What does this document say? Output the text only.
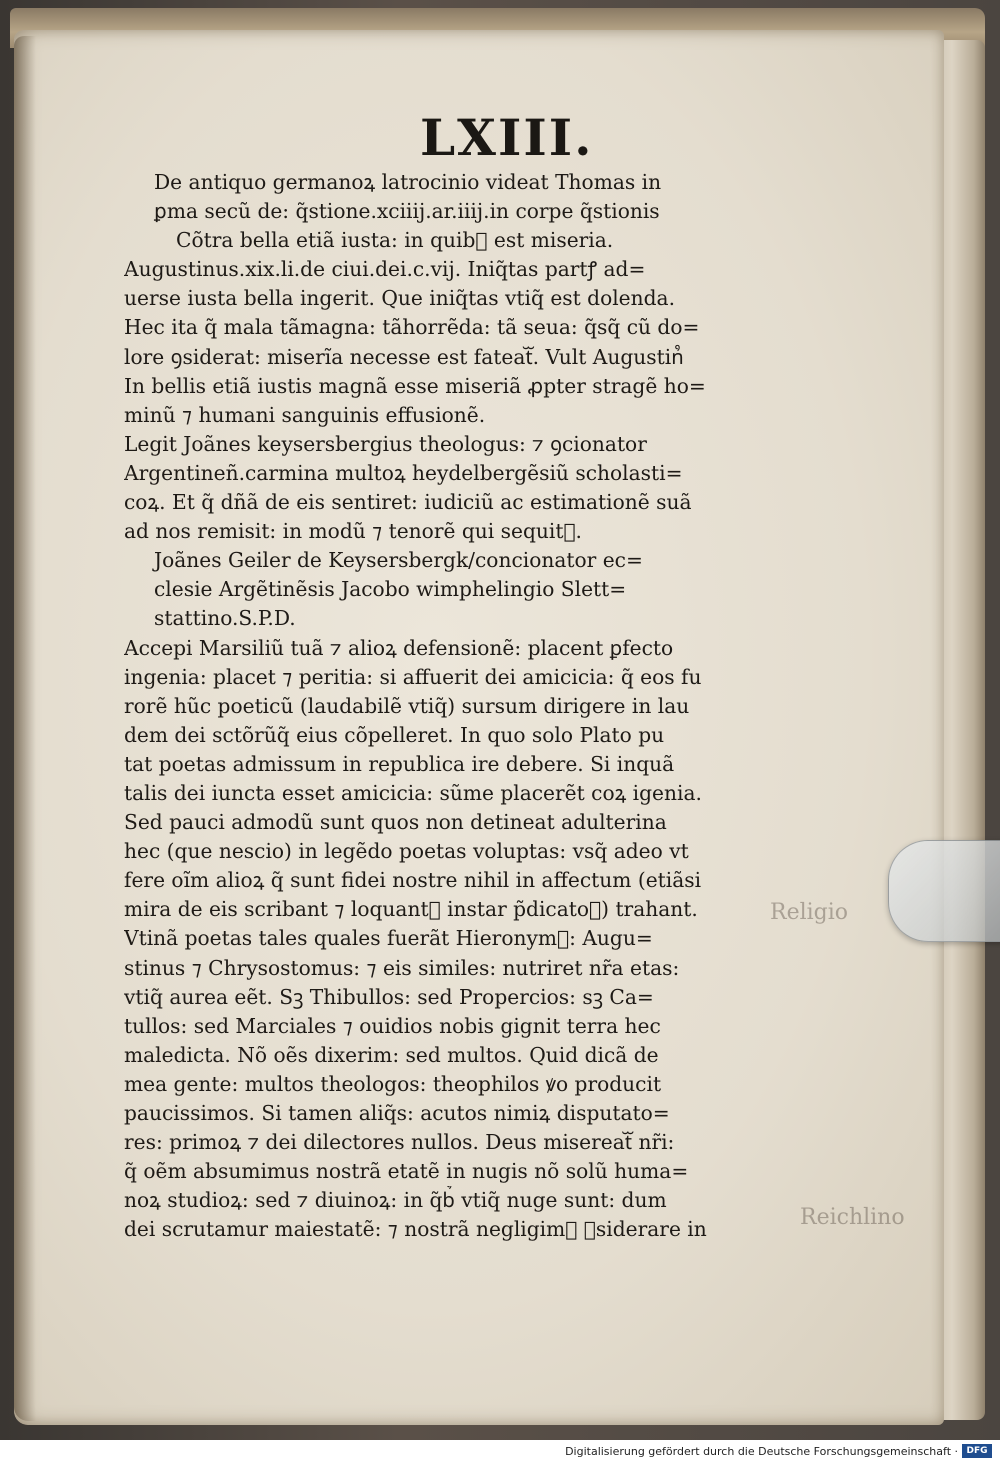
Religio
Reichlino
LXIII.
De antiquo germanoꝝ latrocinio videat Thomas in
ꝑma secũ de: q̃stione.xciiij.ar.iiij.in corpe q̃stionis
Cõtra bella etiã iusta: in quib᷒ est miseria.
Augustinus.xix.li.de ciui.dei.c.vij. Iniq̃tas partꝭ ad=
uerse iusta bella ingerit. Que iniq̃tas vtiq̃ est dolenda.
Hec ita q̃ mala tãmagna: tãhorrẽda: tã seua: q̃sq̃ cũ do=
lore ꝯsiderat: miserĩa necesse est fateatᷓ. Vult Augustin᷒
In bellis etiã iustis magnã esse miseriã ꝓpter stragẽ ho=
minũ ⁊ humani sanguinis effusionẽ.
Legit Joãnes keysersbergius theologus: ⁊ ꝯcionator
Argentineñ.carmina multoꝝ heydelbergẽsiũ scholasti=
coꝝ. Et q̃ dñã de eis sentiret: iudiciũ ac estimationẽ suã
ad nos remisit: in modũ ⁊ tenorẽ qui sequitᷓ.
Joãnes Geiler de Keysersbergk/concionator ec=
clesie Argẽtinẽsis Jacobo wimphelingio Slett=
stattino.S.P.D.
Accepi Marsiliũ tuã ⁊ alioꝝ defensionẽ: placent ꝑfecto
ingenia: placet ⁊ peritia: si affuerit dei amicicia: q̃ eos fu
rorẽ hũc poeticũ (laudabilẽ vtiq̃) sursum dirigere in lau
dem dei sctõrũq̃ eius cõpelleret. In quo solo Plato pu
tat poetas admissum in republica ire debere. Si inquã
talis dei iuncta esset amicicia: sũme placerẽt coꝝ igenia.
Sed pauci admodũ sunt quos non detineat adulterina
hec (que nescio) in legẽdo poetas voluptas: vsq̃ adeo vt
fere oĩm alioꝝ q̃ sunt fidei nostre nihil in affectum (etiãsi
mira de eis scribant ⁊ loquantᷓ instar p̃dicatoꝝ) trahant.
Vtinã poetas tales quales fuerãt Hieronym᷒: Augu=
stinus ⁊ Chrysostomus: ⁊ eis similes: nutriret nr̃a etas:
vtiq̃ aurea eẽt. Sꝫ Thibullos: sed Propercios: sꝫ Ca=
tullos: sed Marciales ⁊ ouidios nobis gignit terra hec
maledicta. Nõ oẽs dixerim: sed multos. Quid dicã de
mea gente: multos theologos: theophilos ꝟo producit
paucissimos. Si tamen aliq̃s: acutos nimiꝝ disputato=
res: primoꝝ ⁊ dei dilectores nullos. Deus misereatᷓ nr̃i:
q̃ oẽm absumimus nostrã etatẽ in nugis nõ solũ huma=
noꝝ studioꝝ: sed ⁊ diuinoꝝ: in q̃b᷒ vtiq̃ nuge sunt: dum
dei scrutamur maiestatẽ: ⁊ nostrã negligim᷒ ꝯsiderare in
Digitalisierung gefördert durch die Deutsche Forschungsgemeinschaft · DFG
